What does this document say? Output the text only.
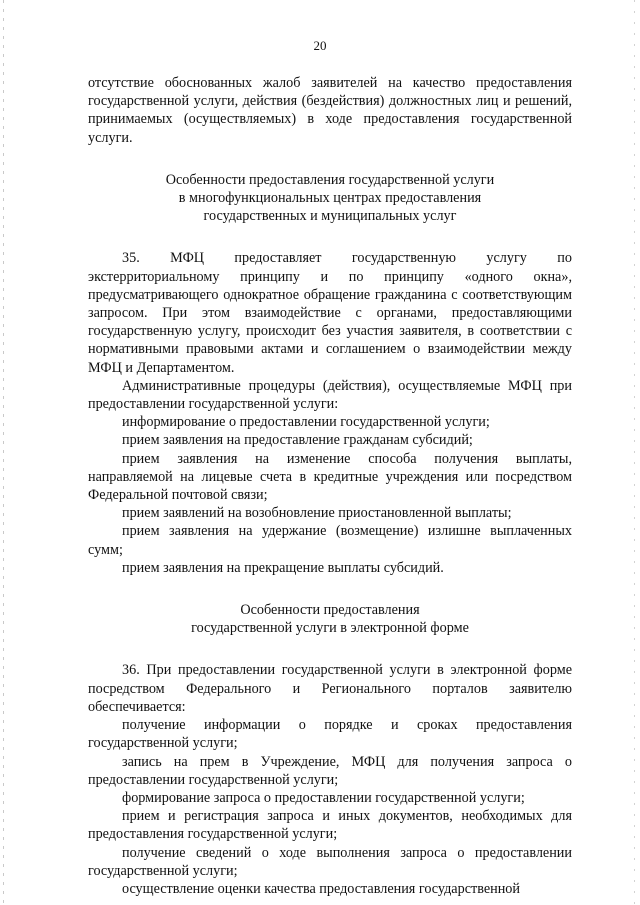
20

отсутствие обоснованных жалоб заявителей на качество предоставления государственной услуги, действия (бездействия) должностных лиц и решений, принимаемых (осуществляемых) в ходе предоставления государственной услуги.

Особенности предоставления государственной услуги

в многофункциональных центрах предоставления

государственных и муниципальных услуг

35. МФЦ предоставляет государственную услугу по экстерриториальному принципу и по принципу «одного окна», предусматривающего однократное обращение гражданина с соответствующим запросом. При этом взаимодействие с органами, предоставляющими государственную услугу, происходит без участия заявителя, в соответствии с нормативными правовыми актами и соглашением о взаимодействии между МФЦ и Департаментом.

Административные процедуры (действия), осуществляемые МФЦ при предоставлении государственной услуги:

информирование о предоставлении государственной услуги;

прием заявления на предоставление гражданам субсидий;

прием заявления на изменение способа получения выплаты, направляемой на лицевые счета в кредитные учреждения или посредством Федеральной почтовой связи;

прием заявлений на возобновление приостановленной выплаты;

прием заявления на удержание (возмещение) излишне выплаченных сумм;

прием заявления на прекращение выплаты субсидий.

Особенности предоставления

государственной услуги в электронной форме

36. При предоставлении государственной услуги в электронной форме посредством Федерального и Регионального порталов заявителю обеспечивается:

получение информации о порядке и сроках предоставления государственной услуги;

запись на прем в Учреждение, МФЦ для получения запроса о предоставлении государственной услуги;

формирование запроса о предоставлении государственной услуги;

прием и регистрация запроса и иных документов, необходимых для предоставления государственной услуги;

получение сведений о ходе выполнения запроса о предоставлении государственной услуги;

осуществление оценки качества предоставления государственной
